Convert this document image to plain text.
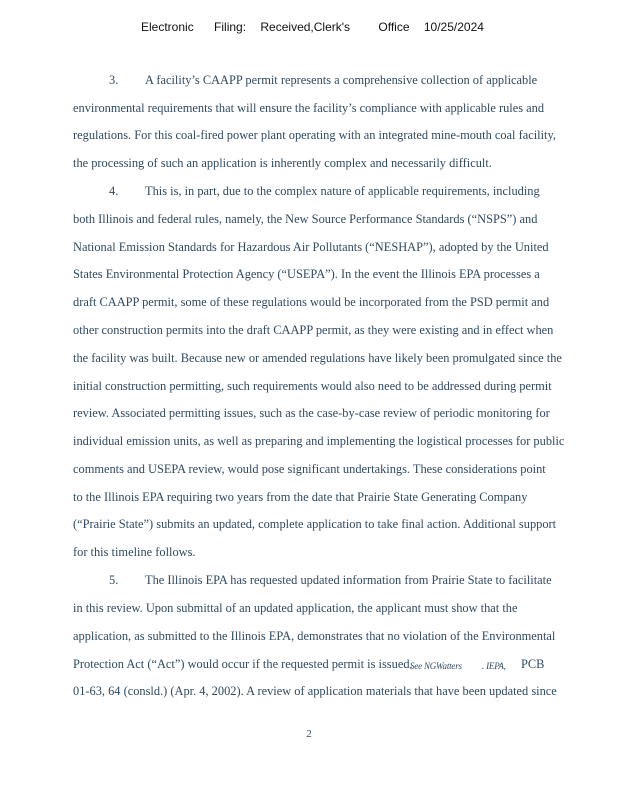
Electronic Filing: Received,Clerk's Office 10/25/2024
3. A facility’s CAAPP permit represents a comprehensive collection of applicable
environmental requirements that will ensure the facility’s compliance with applicable rules and
regulations. For this coal-fired power plant operating with an integrated mine-mouth coal facility,
the processing of such an application is inherently complex and necessarily difficult.
4. This is, in part, due to the complex nature of applicable requirements, including
both Illinois and federal rules, namely, the New Source Performance Standards (“NSPS”) and
National Emission Standards for Hazardous Air Pollutants (“NESHAP”), adopted by the United
States Environmental Protection Agency (“USEPA”). In the event the Illinois EPA processes a
draft CAAPP permit, some of these regulations would be incorporated from the PSD permit and
other construction permits into the draft CAAPP permit, as they were existing and in effect when
the facility was built. Because new or amended regulations have likely been promulgated since the
initial construction permitting, such requirements would also need to be addressed during permit
review. Associated permitting issues, such as the case-by-case review of periodic monitoring for
individual emission units, as well as preparing and implementing the logistical processes for public
comments and USEPA review, would pose significant undertakings. These considerations point
to the Illinois EPA requiring two years from the date that Prairie State Generating Company
(“Prairie State”) submits an updated, complete application to take final action. Additional support
for this timeline follows.
5. The Illinois EPA has requested updated information from Prairie State to facilitate
in this review. Upon submittal of an updated application, the applicant must show that the
application, as submitted to the Illinois EPA, demonstrates that no violation of the Environmental
Protection Act (“Act”) would occur if the requested permit is issued.
See NGWatters . IEPA, PCB
01-63, 64 (consld.) (Apr. 4, 2002). A review of application materials that have been updated since
2
